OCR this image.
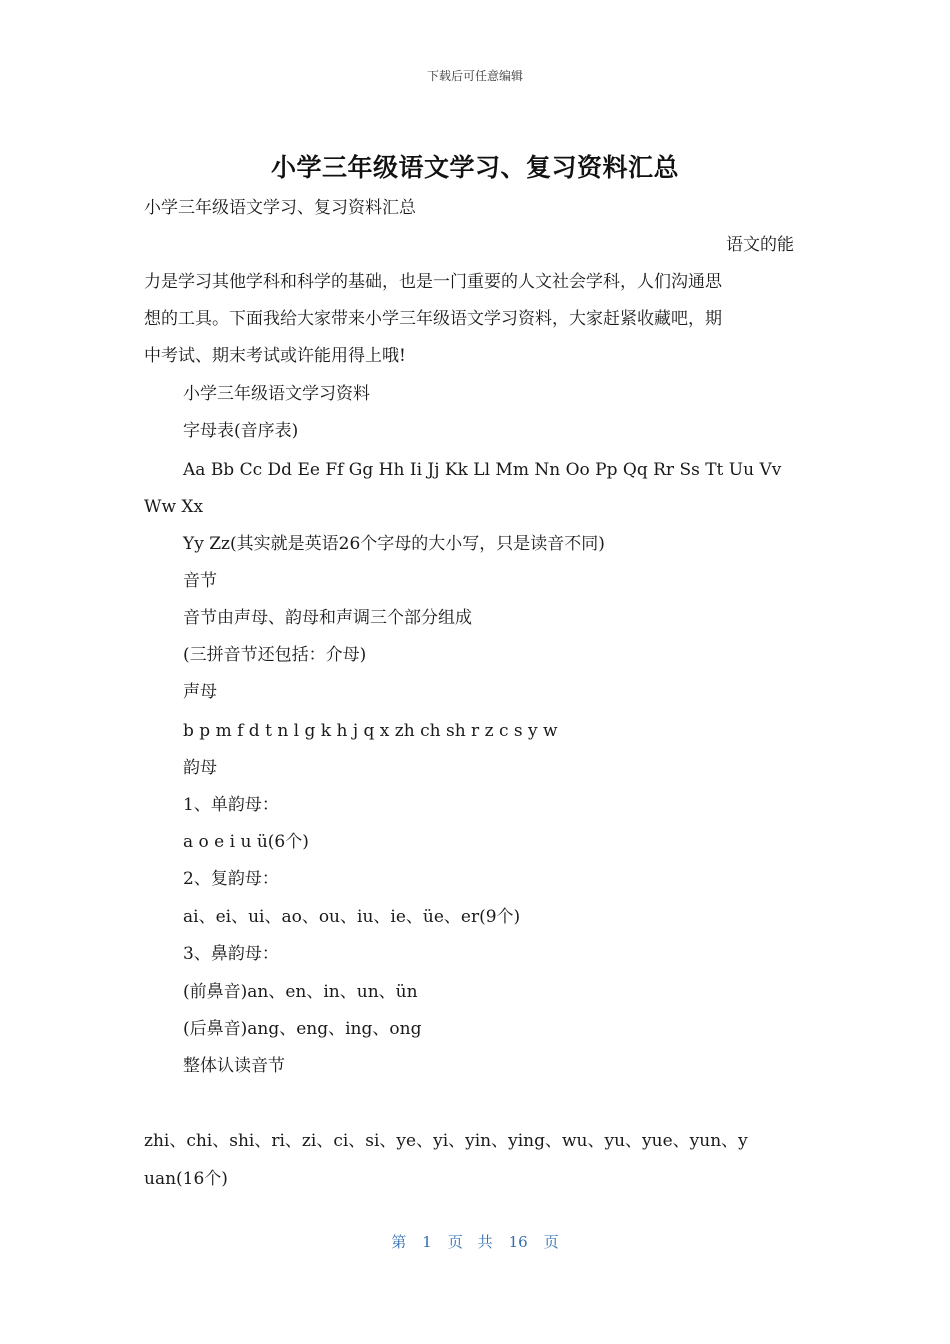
下载后可任意编辑
小学三年级语文学习、复习资料汇总
小学三年级语文学习、复习资料汇总
语文的能
力是学习其他学科和科学的基础，也是一门重要的人文社会学科，人们沟通思
想的工具。下面我给大家带来小学三年级语文学习资料，大家赶紧收藏吧，期
中考试、期末考试或许能用得上哦!
小学三年级语文学习资料
字母表(音序表)
Aa Bb Cc Dd Ee Ff Gg Hh Ii Jj Kk Ll Mm Nn Oo Pp Qq Rr Ss Tt Uu Vv
Ww Xx
Yy Zz(其实就是英语26个字母的大小写，只是读音不同)
音节
音节由声母、韵母和声调三个部分组成
(三拼音节还包括：介母)
声母
b p m f d t n l g k h j q x zh ch sh r z c s y w
韵母
1、单韵母：
a o e i u ü(6个)
2、复韵母：
ai、ei、ui、ao、ou、iu、ie、üe、er(9个)
3、鼻韵母：
(前鼻音)an、en、in、un、ün
(后鼻音)ang、eng、ing、ong
整体认读音节
zhi、chi、shi、ri、zi、ci、si、ye、yi、yin、ying、wu、yu、yue、yun、y
uan(16个)
第 1 页 共 16 页
